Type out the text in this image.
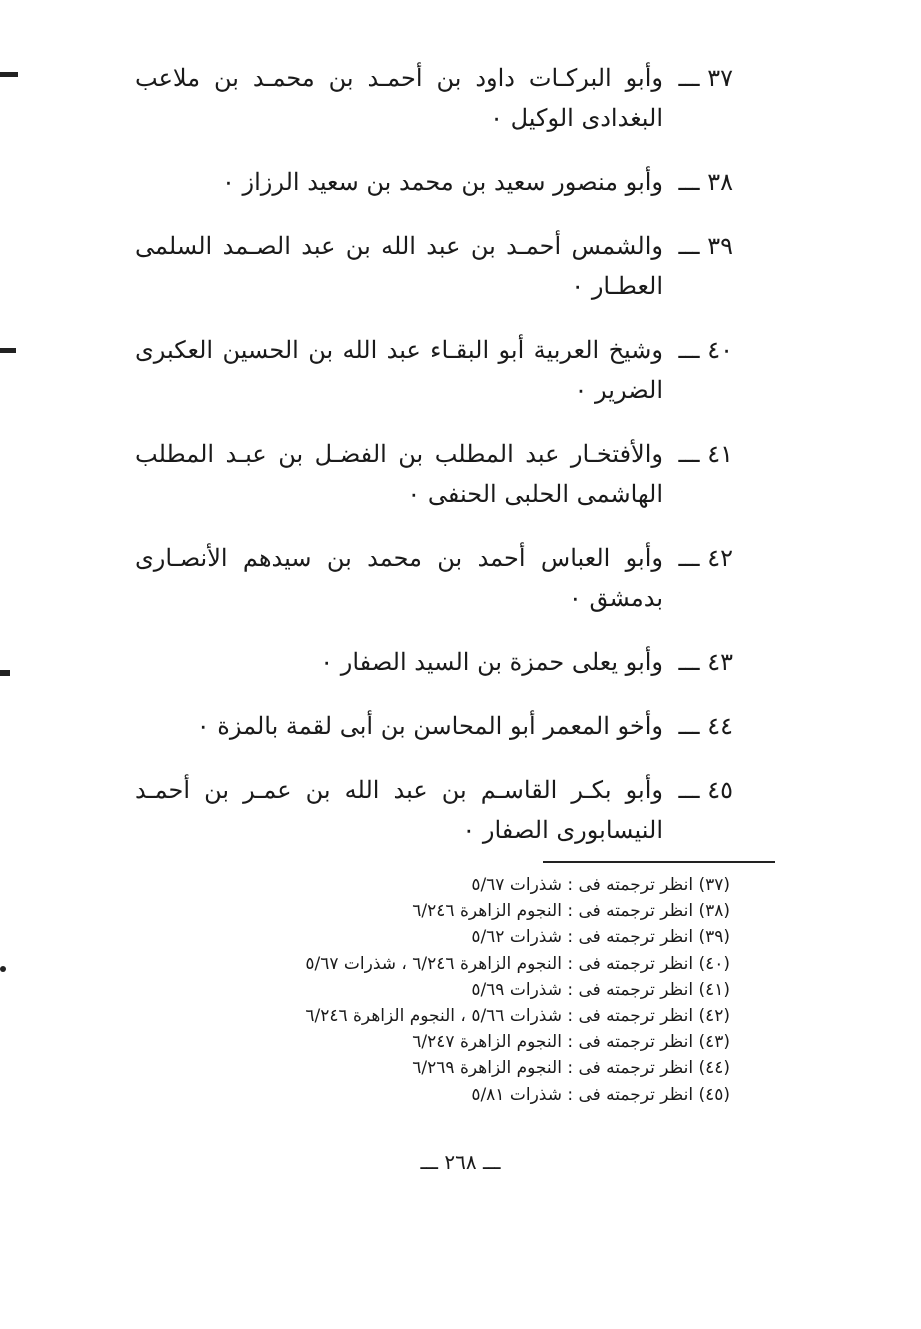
٣٧ ـــ
وأبو البركـات داود بن أحمـد بن محمـد بن ملاعب
البغدادى الوكيل ٠
٣٨ ـــ
وأبو منصور سعيد بن محمد بن سعيد الرزاز ٠
٣٩ ـــ
والشمس أحمـد بن عبد الله بن عبد الصـمد السلمى
العطـار ٠
٤٠ ـــ
وشيخ العربية أبو البقـاء عبد الله بن الحسين العكبرى
الضرير ٠
٤١ ـــ
والأفتخـار عبد المطلب بن الفضـل بن عبـد المطلب
الهاشمى الحلبى الحنفى ٠
٤٢ ـــ
وأبو العباس أحمد بن محمد بن سيدهم الأنصـارى
بدمشق ٠
٤٣ ـــ
وأبو يعلى حمزة بن السيد الصفار ٠
٤٤ ـــ
وأخو المعمر أبو المحاسن بن أبى لقمة بالمزة ٠
٤٥ ـــ
وأبو بكـر القاسـم بن عبد الله بن عمـر بن أحمـد
النيسابورى الصفار ٠
(٣٧) انظر ترجمته فى : شذرات ٥/٦٧
(٣٨) انظر ترجمته فى : النجوم الزاهرة ٦/٢٤٦
(٣٩) انظر ترجمته فى : شذرات ٥/٦٢
(٤٠) انظر ترجمته فى : النجوم الزاهرة ٦/٢٤٦ ، شذرات ٥/٦٧
(٤١) انظر ترجمته فى : شذرات ٥/٦٩
(٤٢) انظر ترجمته فى : شذرات ٥/٦٦ ، النجوم الزاهرة ٦/٢٤٦
(٤٣) انظر ترجمته فى : النجوم الزاهرة ٦/٢٤٧
(٤٤) انظر ترجمته فى : النجوم الزاهرة ٦/٢٦٩
(٤٥) انظر ترجمته فى : شذرات ٥/٨١
ـــ ٢٦٨ ـــ
